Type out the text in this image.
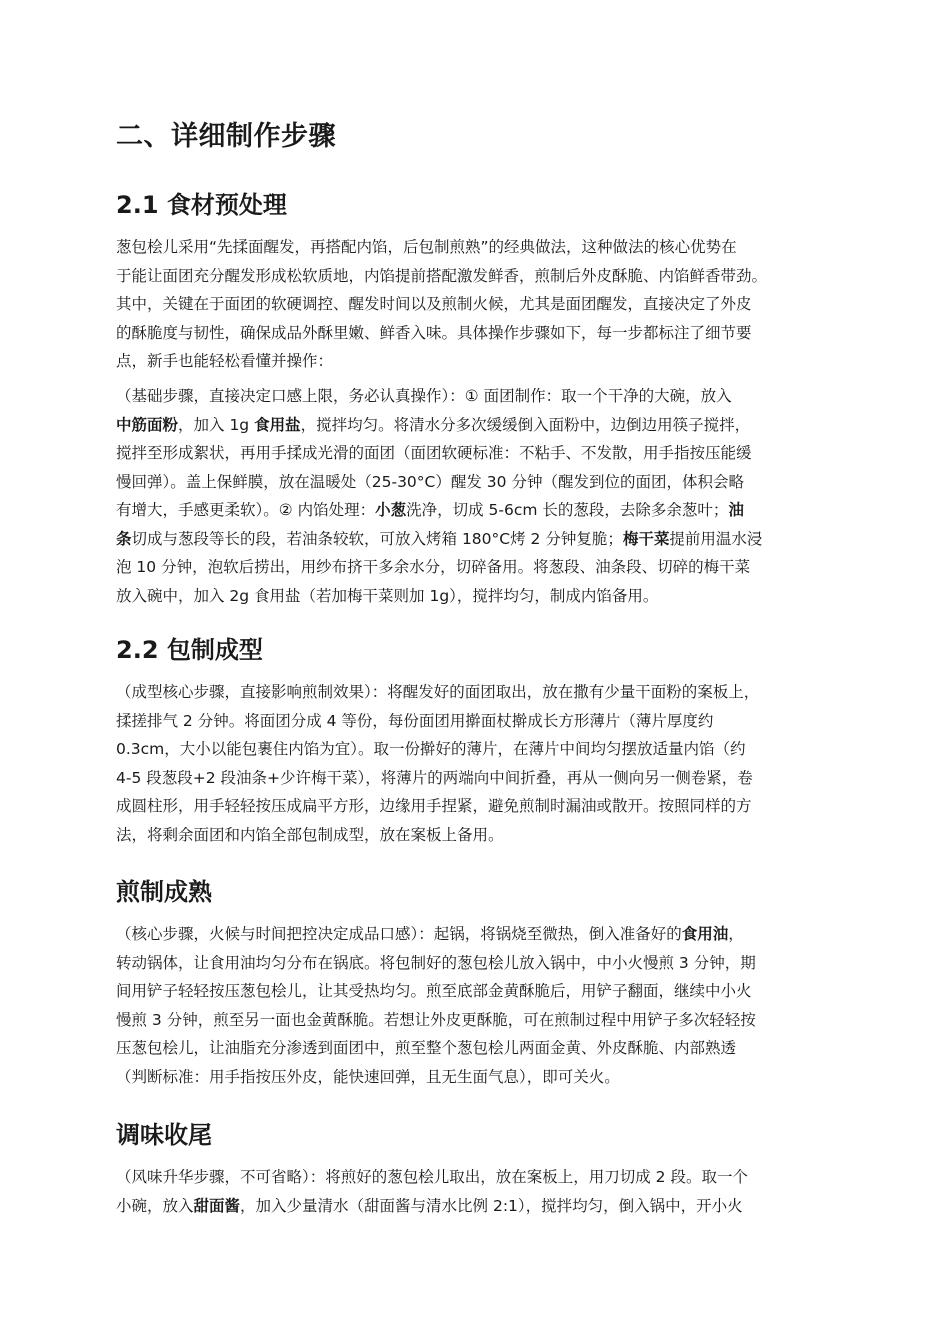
二、详细制作步骤
2.1 食材预处理
葱包桧儿采用“先揉面醒发，再搭配内馅，后包制煎熟”的经典做法，这种做法的核心优势在
于能让面团充分醒发形成松软质地，内馅提前搭配激发鲜香，煎制后外皮酥脆、内馅鲜香带劲。
其中，关键在于面团的软硬调控、醒发时间以及煎制火候，尤其是面团醒发，直接决定了外皮
的酥脆度与韧性，确保成品外酥里嫩、鲜香入味。具体操作步骤如下，每一步都标注了细节要
点，新手也能轻松看懂并操作：
（基础步骤，直接决定口感上限，务必认真操作）：① 面团制作：取一个干净的大碗，放入
中筋面粉，加入 1g 食用盐，搅拌均匀。将清水分多次缓缓倒入面粉中，边倒边用筷子搅拌，
搅拌至形成絮状，再用手揉成光滑的面团（面团软硬标准：不粘手、不发散，用手指按压能缓
慢回弹）。盖上保鲜膜，放在温暖处（25-30°C）醒发 30 分钟（醒发到位的面团，体积会略
有增大，手感更柔软）。② 内馅处理：小葱洗净，切成 5-6cm 长的葱段，去除多余葱叶；油
条切成与葱段等长的段，若油条较软，可放入烤箱 180°C烤 2 分钟复脆；梅干菜提前用温水浸
泡 10 分钟，泡软后捞出，用纱布挤干多余水分，切碎备用。将葱段、油条段、切碎的梅干菜
放入碗中，加入 2g 食用盐（若加梅干菜则加 1g），搅拌均匀，制成内馅备用。
2.2 包制成型
（成型核心步骤，直接影响煎制效果）：将醒发好的面团取出，放在撒有少量干面粉的案板上，
揉搓排气 2 分钟。将面团分成 4 等份，每份面团用擀面杖擀成长方形薄片（薄片厚度约
0.3cm，大小以能包裹住内馅为宜）。取一份擀好的薄片，在薄片中间均匀摆放适量内馅（约
4-5 段葱段+2 段油条+少许梅干菜），将薄片的两端向中间折叠，再从一侧向另一侧卷紧，卷
成圆柱形，用手轻轻按压成扁平方形，边缘用手捏紧，避免煎制时漏油或散开。按照同样的方
法，将剩余面团和内馅全部包制成型，放在案板上备用。
煎制成熟
（核心步骤，火候与时间把控决定成品口感）：起锅，将锅烧至微热，倒入准备好的食用油，
转动锅体，让食用油均匀分布在锅底。将包制好的葱包桧儿放入锅中，中小火慢煎 3 分钟，期
间用铲子轻轻按压葱包桧儿，让其受热均匀。煎至底部金黄酥脆后，用铲子翻面，继续中小火
慢煎 3 分钟，煎至另一面也金黄酥脆。若想让外皮更酥脆，可在煎制过程中用铲子多次轻轻按
压葱包桧儿，让油脂充分渗透到面团中，煎至整个葱包桧儿两面金黄、外皮酥脆、内部熟透
（判断标准：用手指按压外皮，能快速回弹，且无生面气息），即可关火。
调味收尾
（风味升华步骤，不可省略）：将煎好的葱包桧儿取出，放在案板上，用刀切成 2 段。取一个
小碗，放入甜面酱，加入少量清水（甜面酱与清水比例 2:1），搅拌均匀，倒入锅中，开小火
